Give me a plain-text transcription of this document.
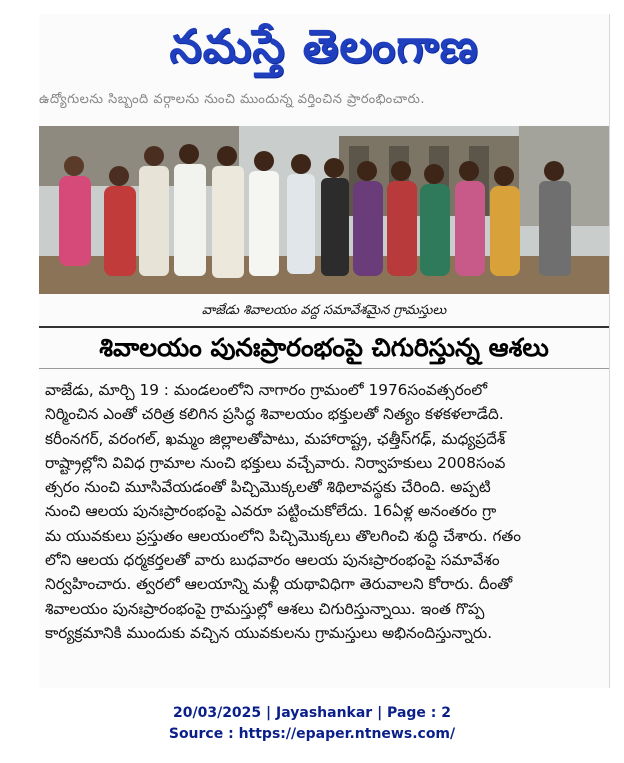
నమస్తే తెలంగాణ
ఉద్యోగులను సిబ్బంది వర్గాలను నుంచి ముందున్న వర్తించిన ప్రారంభించారు.
వాజేడు శివాలయం వద్ద సమావేశమైన గ్రామస్తులు
శివాలయం పునఃప్రారంభంపై చిగురిస్తున్న ఆశలు
వాజేడు, మార్చి 19 : మండలంలోని నాగారం గ్రామంలో 1976సంవత్సరంలో
నిర్మించిన ఎంతో చరిత్ర కలిగిన ప్రసిద్ధ శివాలయం భక్తులతో నిత్యం కళకళలాడేది.
కరీంనగర్, వరంగల్, ఖమ్మం జిల్లాలతోపాటు, మహారాష్ట్ర, ఛత్తీస్‌గఢ్, మధ్యప్రదేశ్
రాష్ట్రాల్లోని వివిధ గ్రామాల నుంచి భక్తులు వచ్చేవారు. నిర్వాహకులు 2008సంవ
త్సరం నుంచి మూసివేయడంతో పిచ్చిమొక్కలతో శిథిలావస్థకు చేరింది. అప్పటి
నుంచి ఆలయ పునఃప్రారంభంపై ఎవరూ పట్టించుకోలేదు. 16ఏళ్ల అనంతరం గ్రా
మ యువకులు ప్రస్తుతం ఆలయంలోని పిచ్చిమొక్కలు తొలగించి శుద్ధి చేశారు. గతం
లోని ఆలయ ధర్మకర్తలతో వారు బుధవారం ఆలయ పునఃప్రారంభంపై సమావేశం
నిర్వహించారు. త్వరలో ఆలయాన్ని మళ్లీ యథావిధిగా తెరువాలని కోరారు. దీంతో
శివాలయం పునఃప్రారంభంపై గ్రామస్తుల్లో ఆశలు చిగురిస్తున్నాయి. ఇంత గొప్ప
కార్యక్రమానికి ముందుకు వచ్చిన యువకులను గ్రామస్తులు అభినందిస్తున్నారు.
20/03/2025 | Jayashankar | Page : 2
Source : https://epaper.ntnews.com/
